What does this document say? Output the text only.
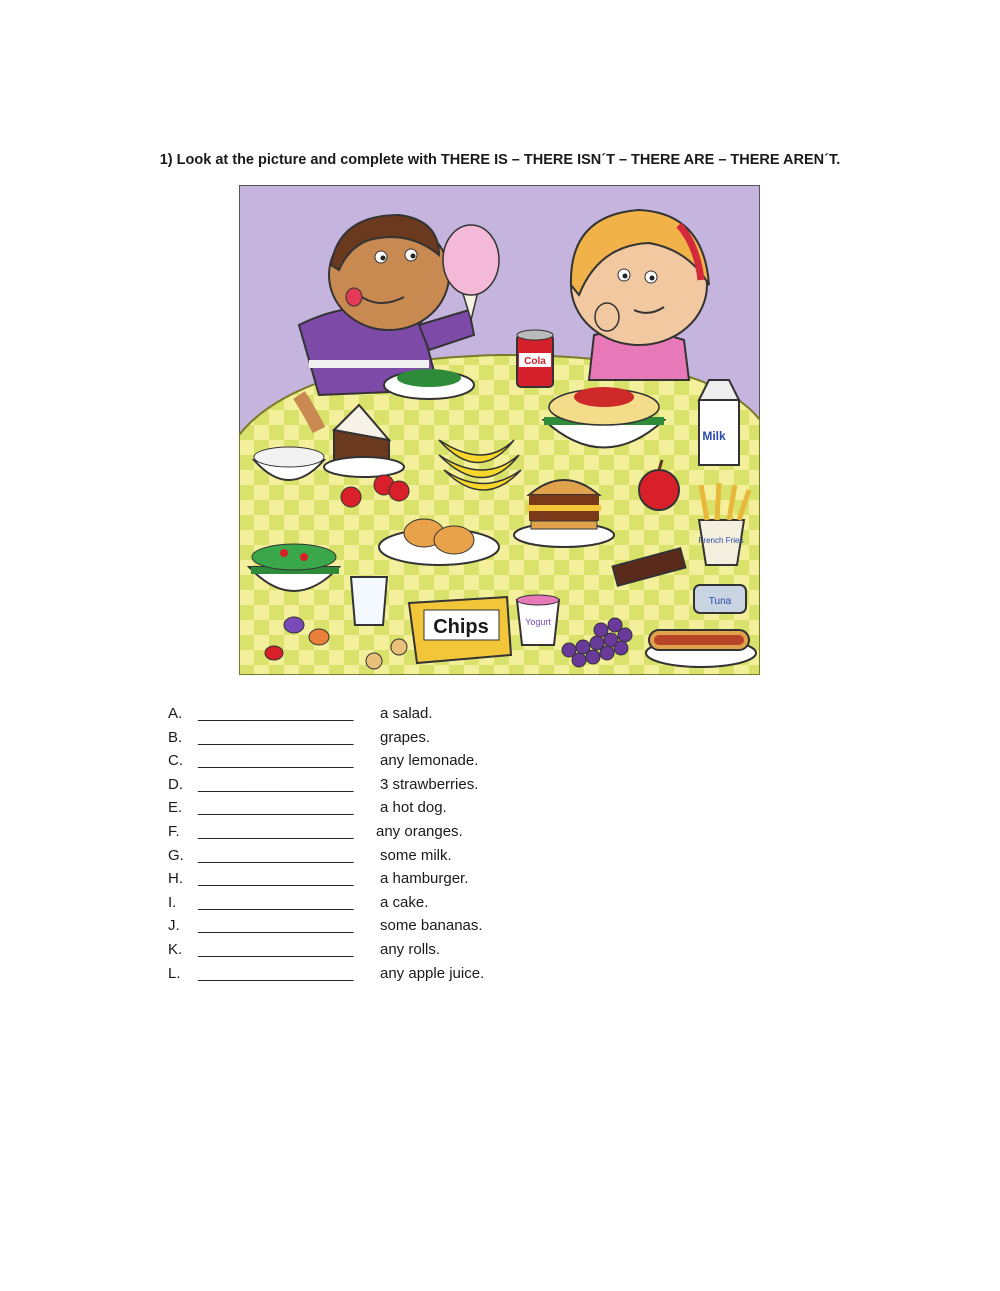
1) Look at the picture and complete with THERE IS – THERE ISN´T – THERE ARE – THERE AREN´T.
Cola
Milk
French Fries
Tuna
Chips	Yogurt
A. ____________________ a salad.
B. ____________________ grapes.
C. ____________________ any lemonade.
D. ____________________ 3 strawberries.
E. ____________________ a hot dog.
F. ____________________ any oranges.
G. ____________________ some milk.
H. ____________________ a hamburger.
I. ____________________ a cake.
J. ____________________ some bananas.
K. ____________________ any rolls.
L. ____________________ any apple juice.
